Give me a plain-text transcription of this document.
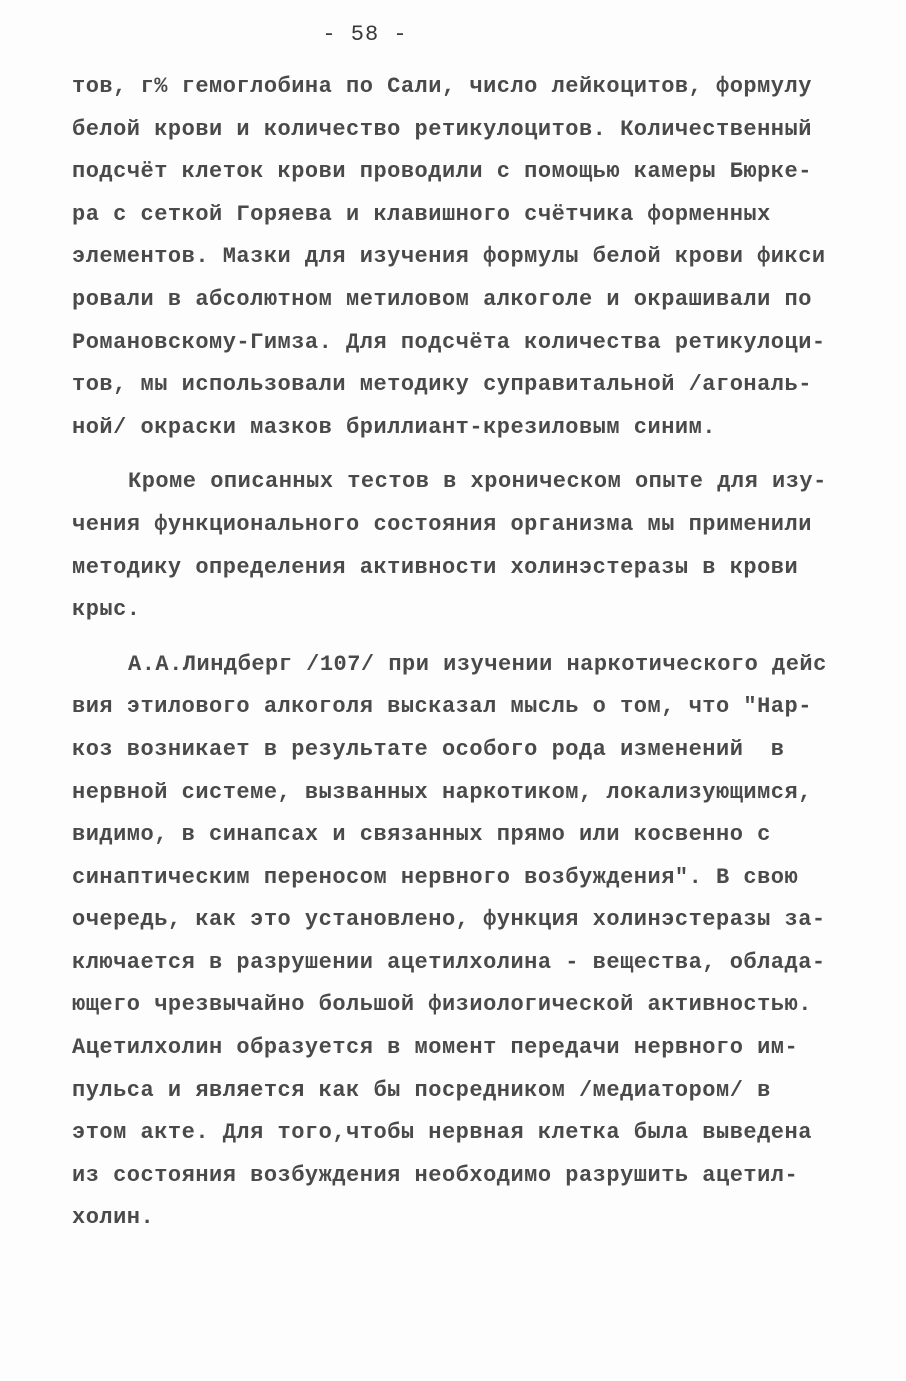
- 58 -
тов, г% гемоглобина по Сали, число лейкоцитов, формулу
белой крови и количество ретикулоцитов. Количественный
подсчёт клеток крови проводили с помощью камеры Бюрке-
ра с сеткой Горяева и клавишного счётчика форменных
элементов. Мазки для изучения формулы белой крови фикси
ровали в абсолютном метиловом алкоголе и окрашивали по
Романовскому-Гимза. Для подсчёта количества ретикулоци-
тов, мы использовали методику суправитальной /агональ-
ной/ окраски мазков бриллиант-крезиловым синим.
Кроме описанных тестов в хроническом опыте для изу-
чения функционального состояния организма мы применили
методику определения активности холинэстеразы в крови
крыс.
А.А.Линдберг /107/ при изучении наркотического дейс
вия этилового алкоголя высказал мысль о том, что "Нар-
коз возникает в результате особого рода изменений  в
нервной системе, вызванных наркотиком, локализующимся,
видимо, в синапсах и связанных прямо или косвенно с
синаптическим переносом нервного возбуждения". В свою
очередь, как это установлено, функция холинэстеразы за-
ключается в разрушении ацетилхолина - вещества, облада-
ющего чрезвычайно большой физиологической активностью.
Ацетилхолин образуется в момент передачи нервного им-
пульса и является как бы посредником /медиатором/ в
этом акте. Для того,чтобы нервная клетка была выведена
из состояния возбуждения необходимо разрушить ацетил-
холин.
